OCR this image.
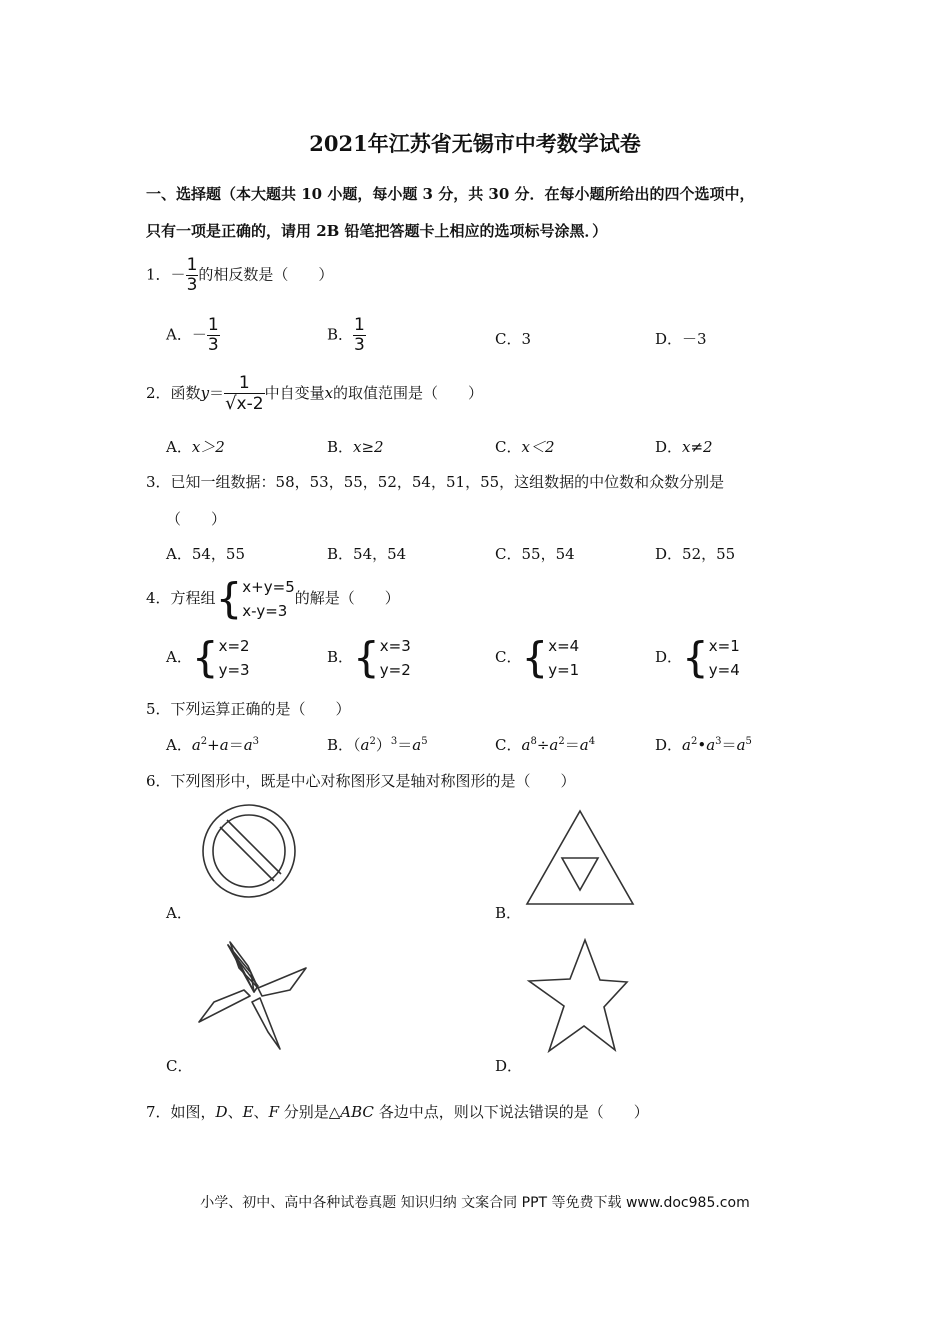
2021年江苏省无锡市中考数学试卷
一、选择题（本大题共 10 小题，每小题 3 分，共 30 分．在每小题所给出的四个选项中，
只有一项是正确的，请用 2B 铅笔把答题卡上相应的选项标号涂黑．）
1．－ $\frac{1}{3}$ 的相反数是（　　）
A．－ $\frac{1}{3}$	B． $\frac{1}{3}$	C．3	D．－3
2．函数$y= \frac{1}{√x-2}$ 中自变量x的取值范围是（　　）
A．x＞2	B．x≥2	C．x＜2	D．x≠2
3．已知一组数据：58，53，55，52，54，51，55，这组数据的中位数和众数分别是
（　　）
A．54，55	B．54，54	C．55，54	D．52，55
4．方程组{ x+y=5
x-y=3
的解是（　　）
A．{ x=2
y=3
B．{ x=3
y=2
C．{ x=4
y=1
D．{ x=1
y=4
5．下列运算正确的是（　　）
A．$a^2+a=a^3$	B．$(a^2)^3=a^5$	C．$a^8\div a^2=a^4$	D．$a^2•a^3=a^5$
6．下列图形中，既是中心对称图形又是轴对称图形的是（　　）
A．	B．
C．	D．
7．如图，D、E、F 分别是△ABC 各边中点，则以下说法错误的是（　　）
小学、初中、高中各种试卷真题 知识归纳 文案合同 PPT 等免费下载 www.doc985.com
